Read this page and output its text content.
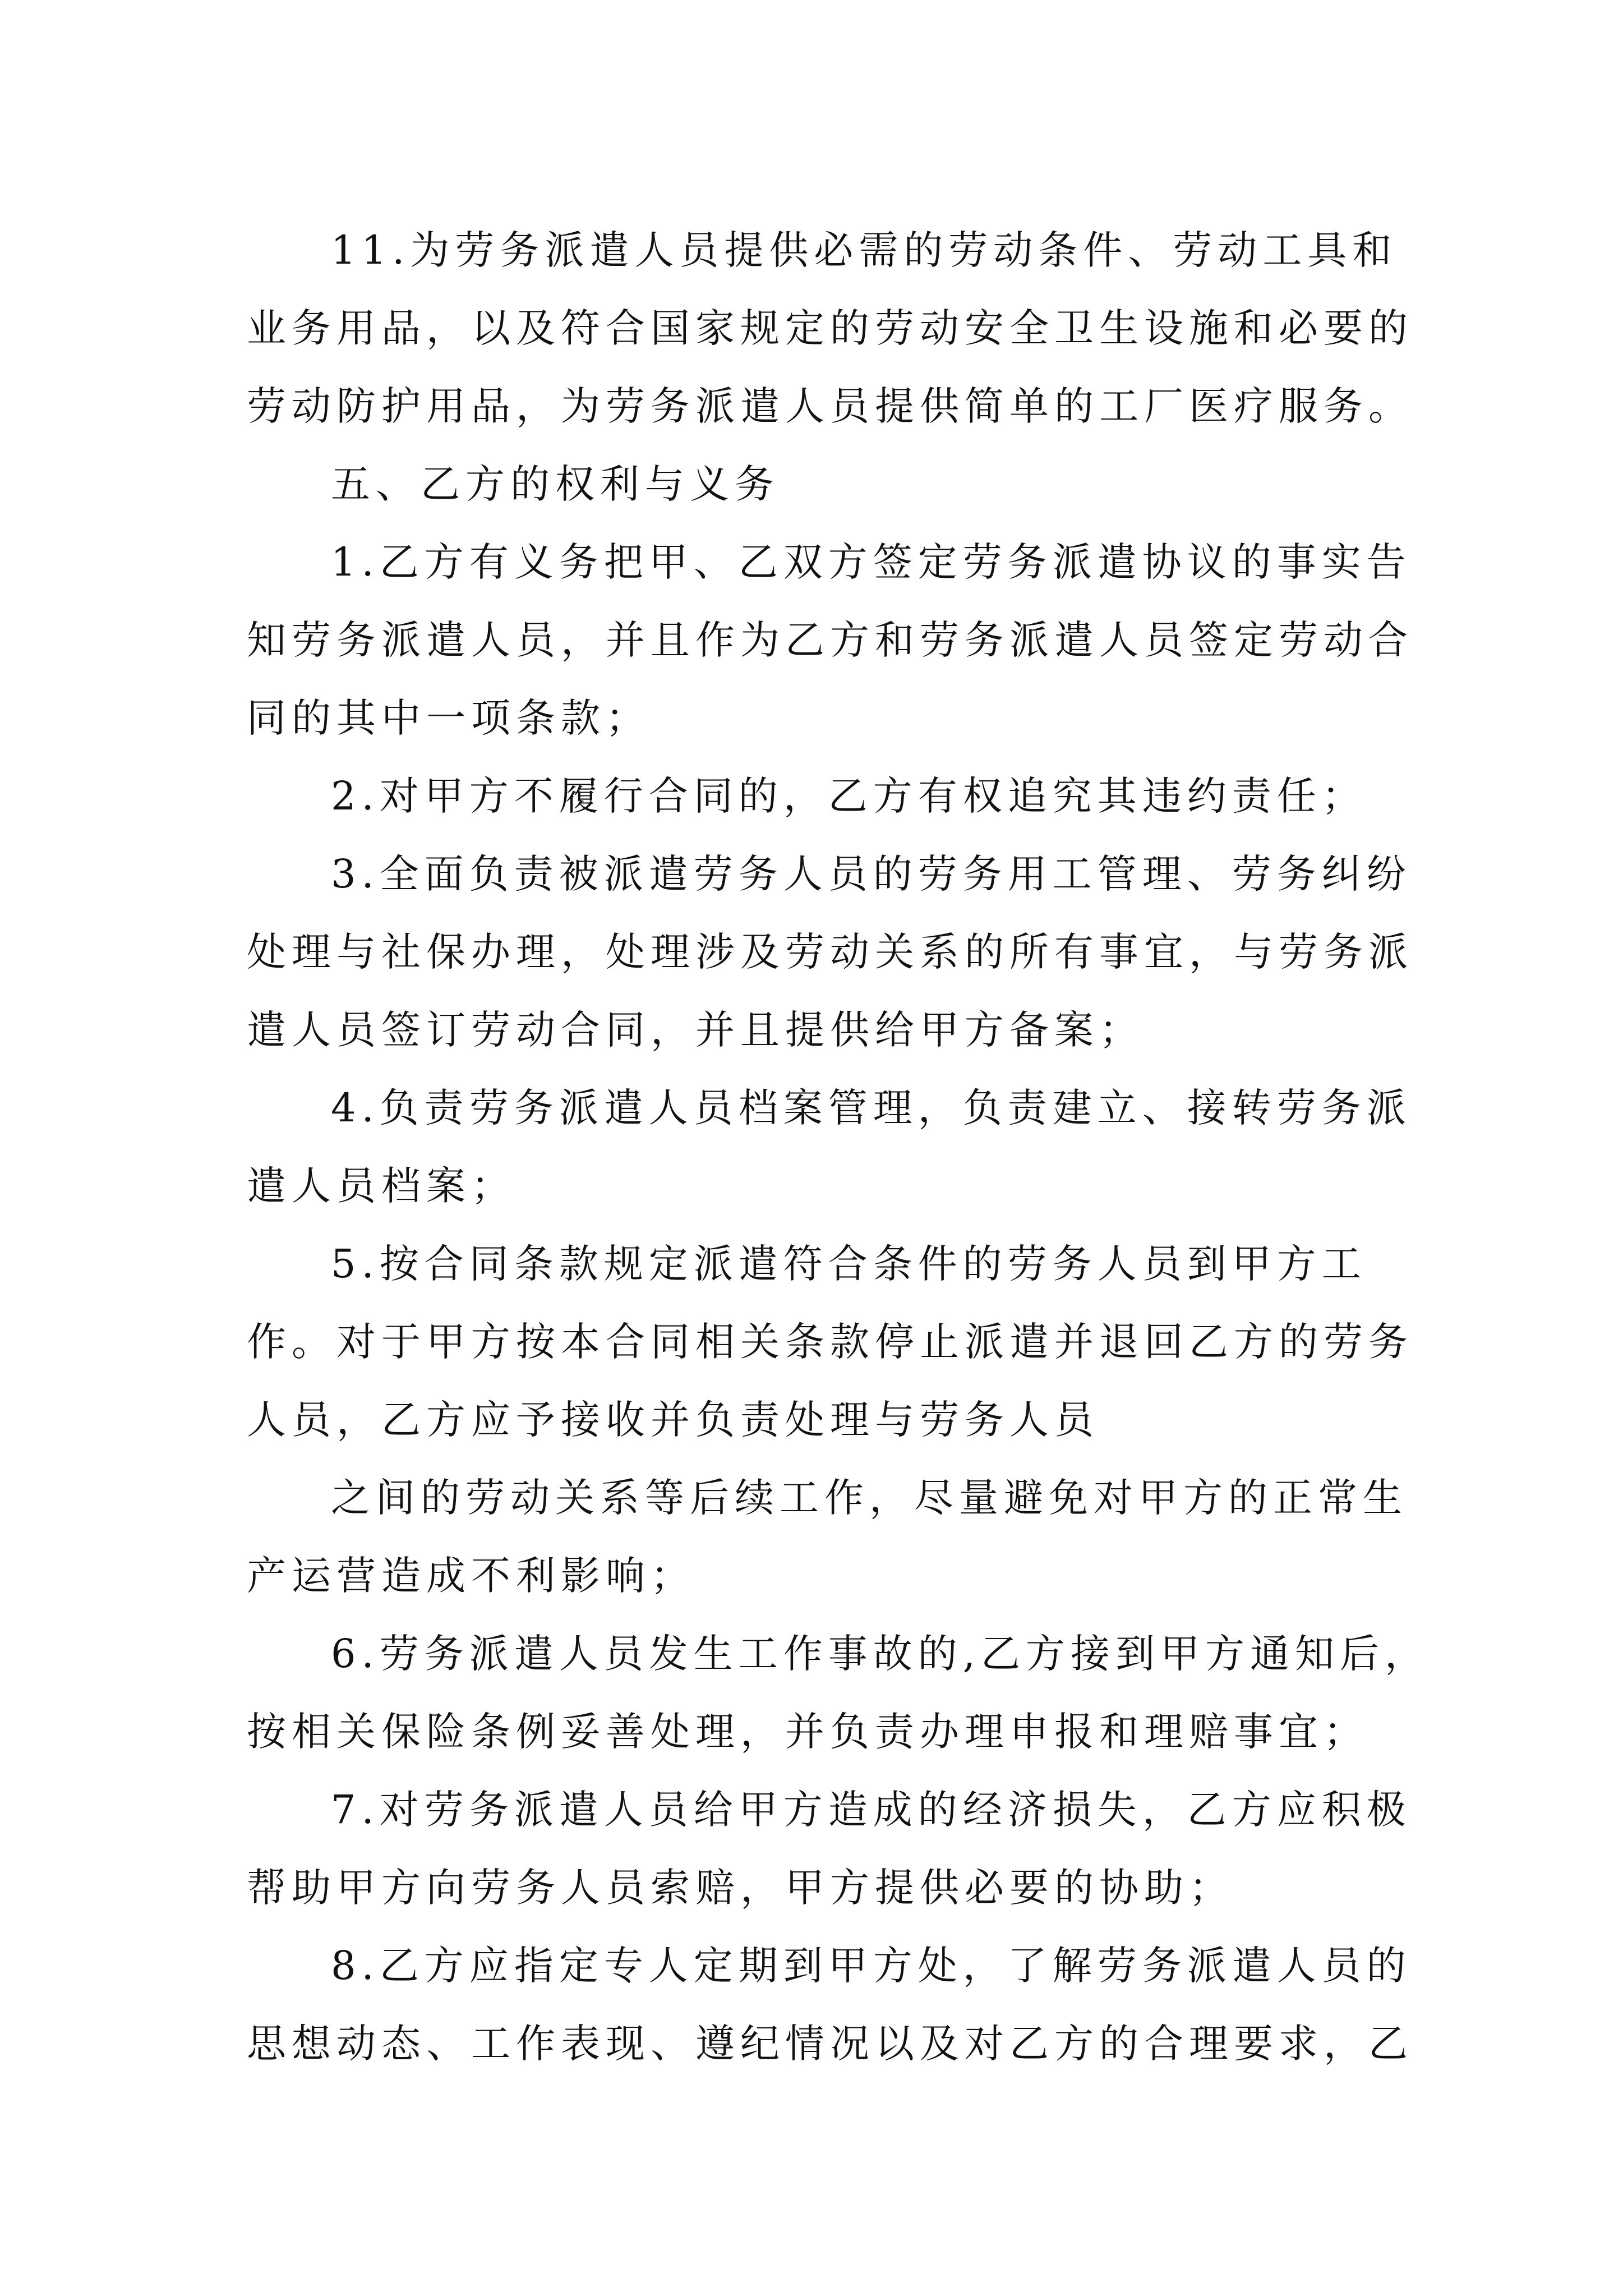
11.为劳务派遣人员提供必需的劳动条件、劳动工具和
业务用品，以及符合国家规定的劳动安全卫生设施和必要的
劳动防护用品，为劳务派遣人员提供简单的工厂医疗服务。
五、乙方的权利与义务
1.乙方有义务把甲、乙双方签定劳务派遣协议的事实告
知劳务派遣人员，并且作为乙方和劳务派遣人员签定劳动合
同的其中一项条款；
2.对甲方不履行合同的，乙方有权追究其违约责任；
3.全面负责被派遣劳务人员的劳务用工管理、劳务纠纷
处理与社保办理，处理涉及劳动关系的所有事宜，与劳务派
遣人员签订劳动合同，并且提供给甲方备案；
4.负责劳务派遣人员档案管理，负责建立、接转劳务派
遣人员档案；
5.按合同条款规定派遣符合条件的劳务人员到甲方工
作。对于甲方按本合同相关条款停止派遣并退回乙方的劳务
人员，乙方应予接收并负责处理与劳务人员
之间的劳动关系等后续工作，尽量避免对甲方的正常生
产运营造成不利影响；
6.劳务派遣人员发生工作事故的,乙方接到甲方通知后，
按相关保险条例妥善处理，并负责办理申报和理赔事宜；
7.对劳务派遣人员给甲方造成的经济损失，乙方应积极
帮助甲方向劳务人员索赔，甲方提供必要的协助；
8.乙方应指定专人定期到甲方处，了解劳务派遣人员的
思想动态、工作表现、遵纪情况以及对乙方的合理要求，乙
